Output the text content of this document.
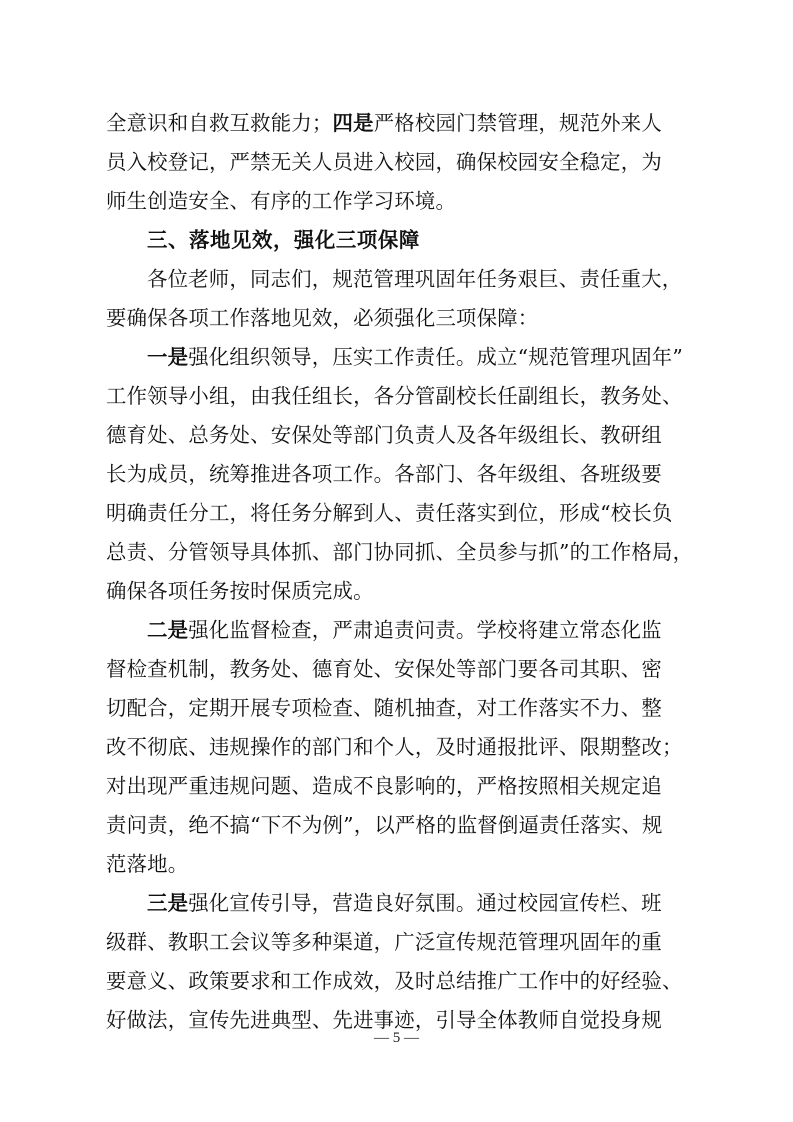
全意识和自救互救能力；四是严格校园门禁管理，规范外来人
员入校登记，严禁无关人员进入校园，确保校园安全稳定，为
师生创造安全、有序的工作学习环境。
三、落地见效，强化三项保障
各位老师，同志们，规范管理巩固年任务艰巨、责任重大，
要确保各项工作落地见效，必须强化三项保障：
一是强化组织领导，压实工作责任。成立“规范管理巩固年”
工作领导小组，由我任组长，各分管副校长任副组长，教务处、
德育处、总务处、安保处等部门负责人及各年级组长、教研组
长为成员，统筹推进各项工作。各部门、各年级组、各班级要
明确责任分工，将任务分解到人、责任落实到位，形成“校长负
总责、分管领导具体抓、部门协同抓、全员参与抓”的工作格局，
确保各项任务按时保质完成。
二是强化监督检查，严肃追责问责。学校将建立常态化监
督检查机制，教务处、德育处、安保处等部门要各司其职、密
切配合，定期开展专项检查、随机抽查，对工作落实不力、整
改不彻底、违规操作的部门和个人，及时通报批评、限期整改；
对出现严重违规问题、造成不良影响的，严格按照相关规定追
责问责，绝不搞“下不为例”，以严格的监督倒逼责任落实、规
范落地。
三是强化宣传引导，营造良好氛围。通过校园宣传栏、班
级群、教职工会议等多种渠道，广泛宣传规范管理巩固年的重
要意义、政策要求和工作成效，及时总结推广工作中的好经验、
好做法，宣传先进典型、先进事迹，引导全体教师自觉投身规
— 5 —
